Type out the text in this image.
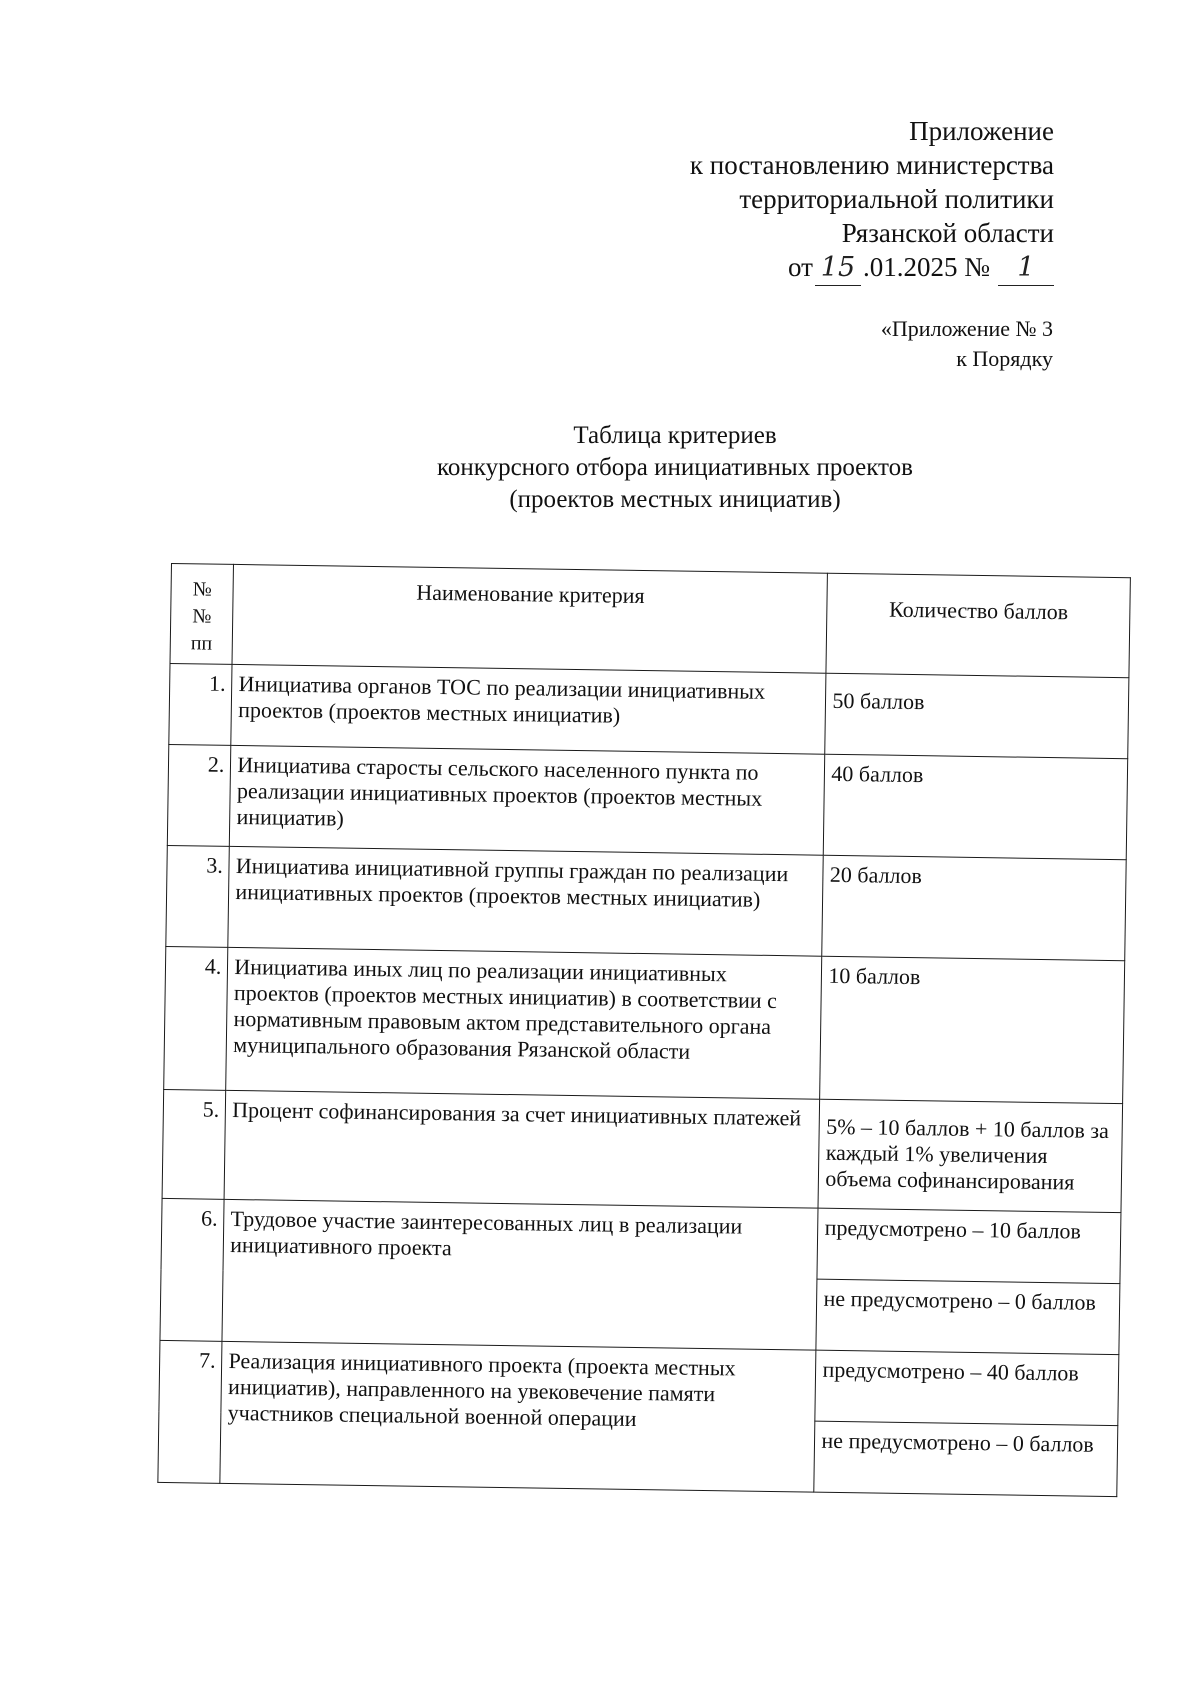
Приложение
к постановлению министерства
территориальной политики
Рязанской области
от 15 .01.2025 №	1
«Приложение № 3
к Порядку
Таблица критериев
конкурсного отбора инициативных проектов
(проектов местных инициатив)
№
№
пп	Наименование критерия	Количество баллов
1.	Инициатива органов ТОС по реализации инициативных проектов (проектов местных инициатив)	50 баллов
2.	Инициатива старосты сельского населенного пункта по реализации инициативных проектов (проектов местных инициатив)	40 баллов
3.	Инициатива инициативной группы граждан по реализации инициативных проектов (проектов местных инициатив)	20 баллов
4.	Инициатива иных лиц по реализации инициативных проектов (проектов местных инициатив) в соответствии с нормативным правовым актом представительного органа муниципального образования Рязанской области	10 баллов
5.	Процент софинансирования за счет инициативных платежей	5% – 10 баллов + 10 баллов за каждый 1% увеличения объема софинансирования
6.	Трудовое участие заинтересованных лиц в реализации инициативного проекта	предусмотрено – 10 баллов
		не предусмотрено – 0 баллов
7.	Реализация инициативного проекта (проекта местных инициатив), направленного на увековечение памяти участников специальной военной операции	предусмотрено – 40 баллов
		не предусмотрено – 0 баллов
